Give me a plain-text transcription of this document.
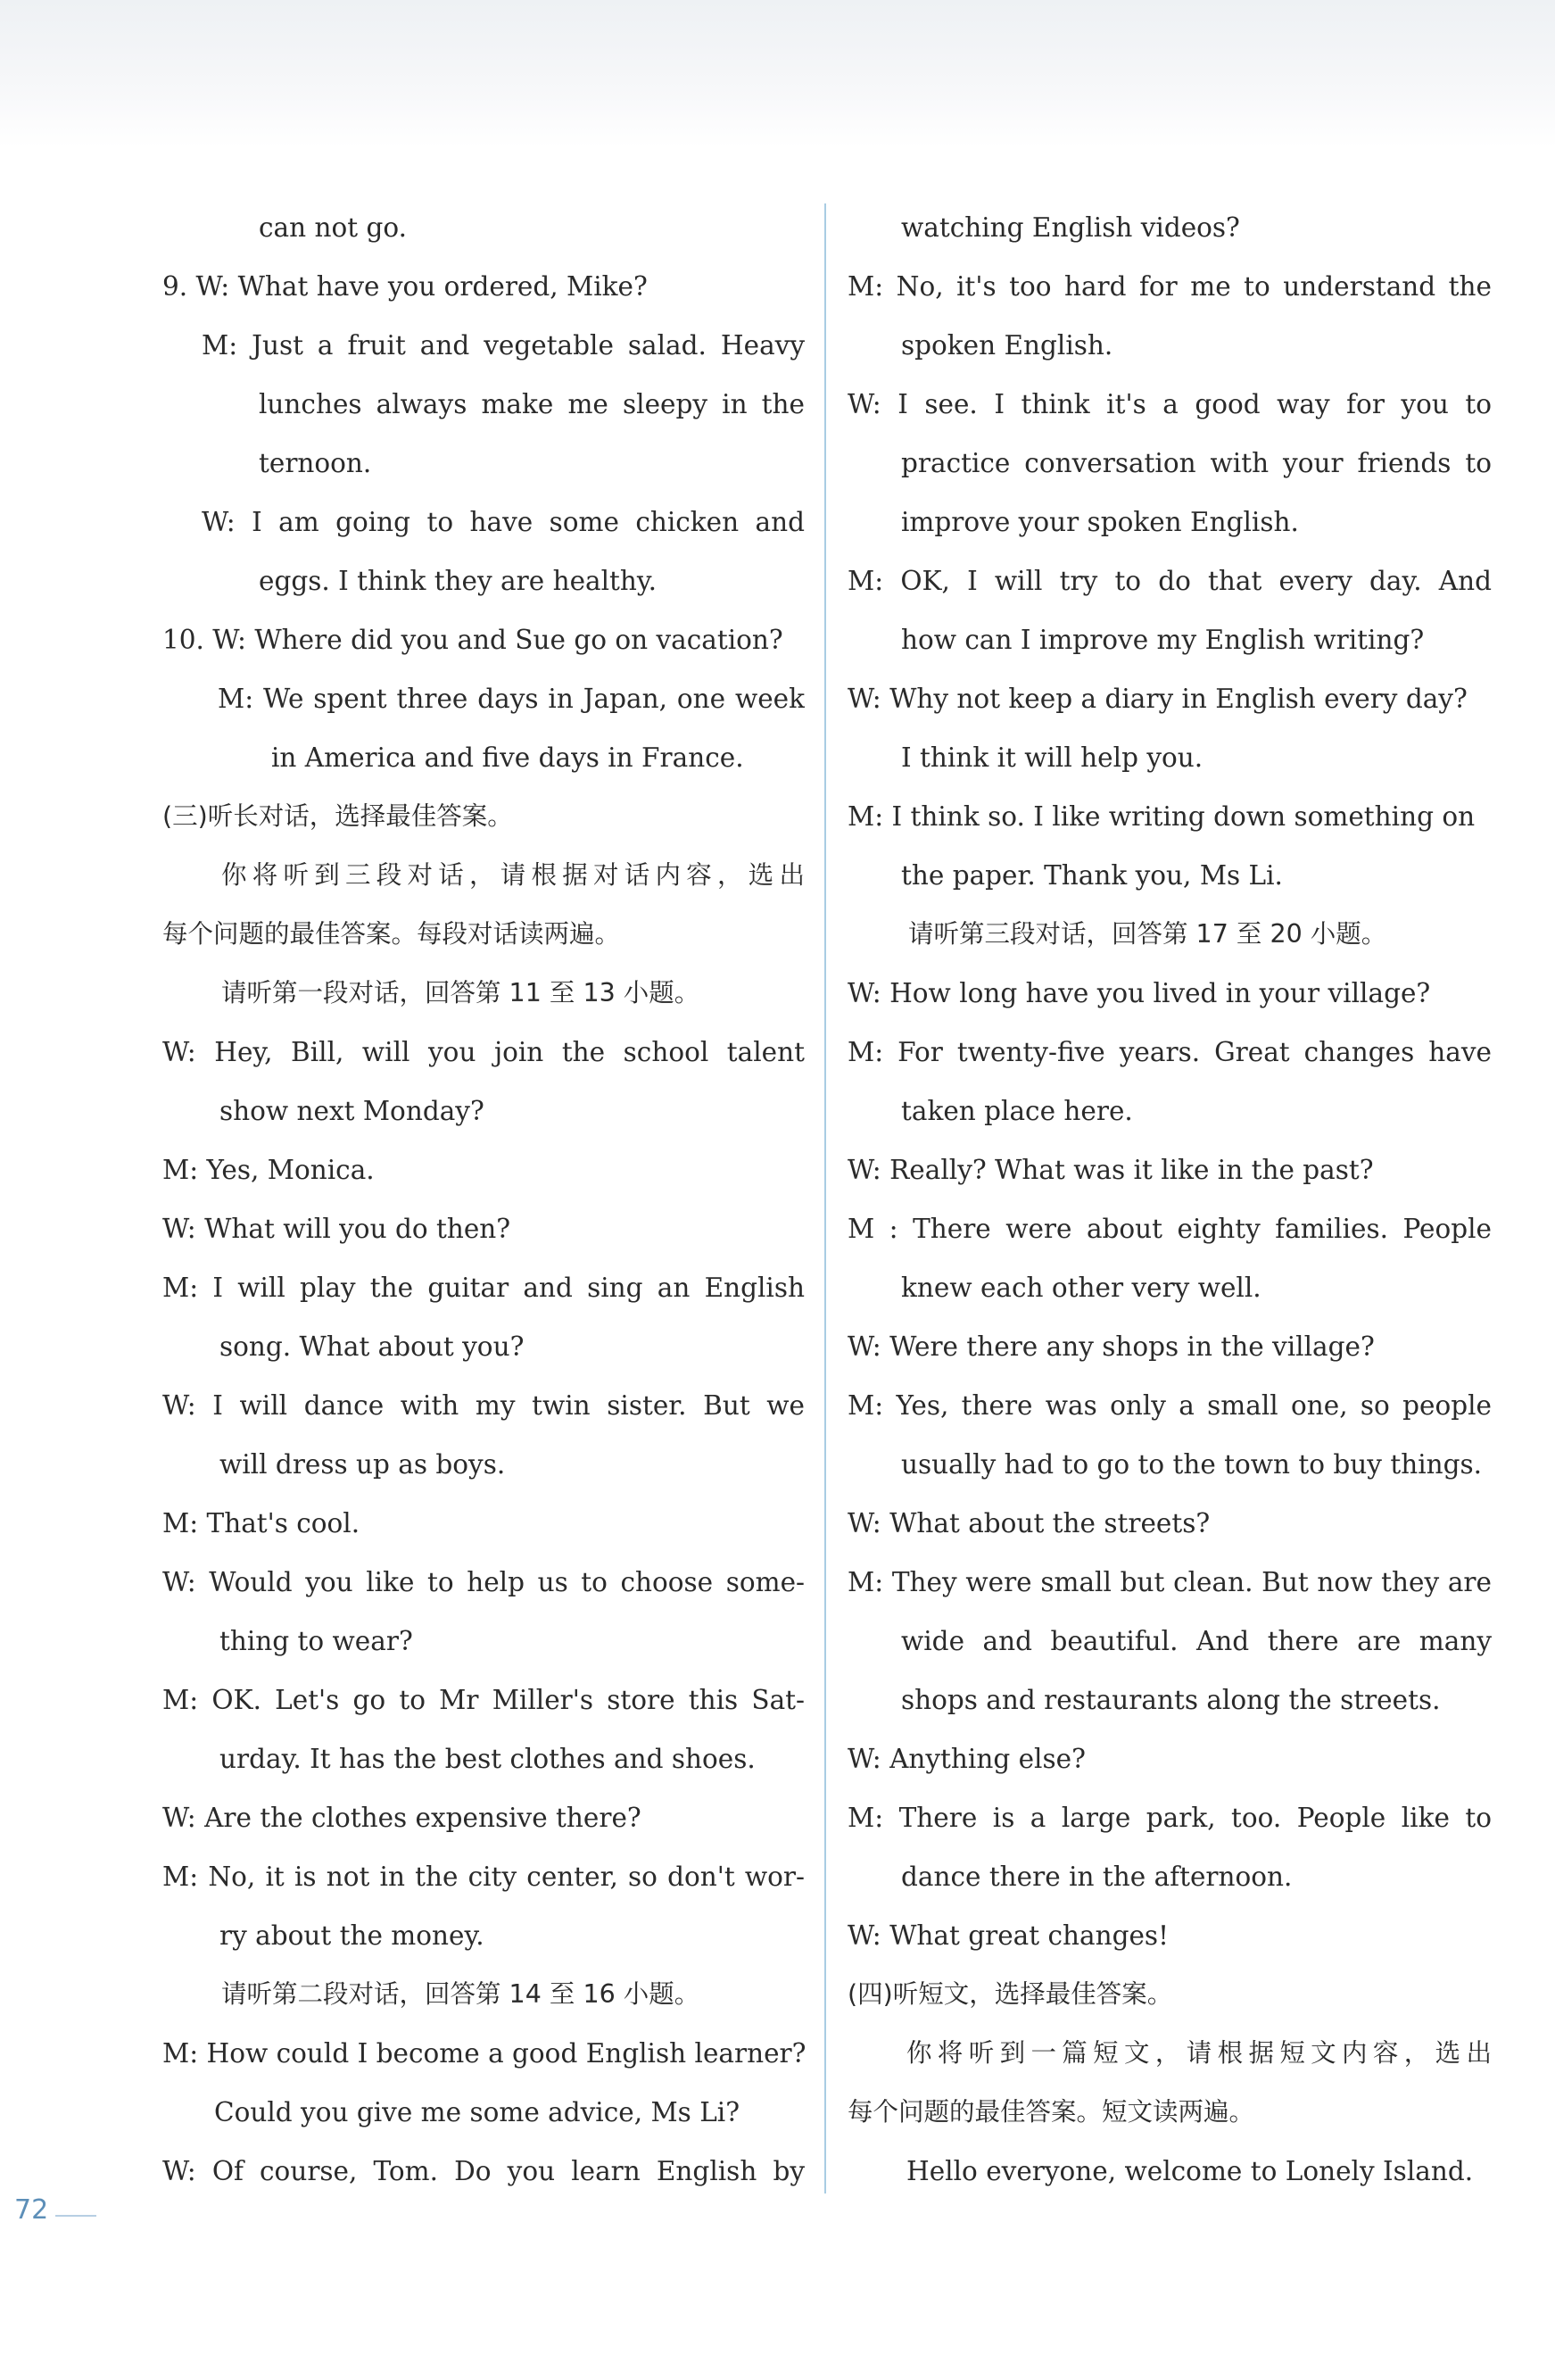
can not go.
9. W: What have you ordered, Mike?
M: Just a fruit and vegetable salad. Heavy
lunches always make me sleepy in the
ternoon.
W: I am going to have some chicken and
eggs. I think they are healthy.
10. W: Where did you and Sue go on vacation?
M: We spent three days in Japan, one week
in America and five days in France.
(三)听长对话，选择最佳答案。
你将听到三段对话，请根据对话内容，选出
每个问题的最佳答案。每段对话读两遍。
请听第一段对话，回答第 11 至 13 小题。
W: Hey, Bill, will you join the school talent
show next Monday?
M: Yes, Monica.
W: What will you do then?
M: I will play the guitar and sing an English
song. What about you?
W: I will dance with my twin sister. But we
will dress up as boys.
M: That's cool.
W: Would you like to help us to choose some-
thing to wear?
M: OK. Let's go to Mr Miller's store this Sat-
urday. It has the best clothes and shoes.
W: Are the clothes expensive there?
M: No, it is not in the city center, so don't wor-
ry about the money.
请听第二段对话，回答第 14 至 16 小题。
M: How could I become a good English learner?
Could you give me some advice, Ms Li?
W: Of course, Tom. Do you learn English by
watching English videos?
M: No, it's too hard for me to understand the
spoken English.
W: I see. I think it's a good way for you to
practice conversation with your friends to
improve your spoken English.
M: OK, I will try to do that every day. And
how can I improve my English writing?
W: Why not keep a diary in English every day?
I think it will help you.
M: I think so. I like writing down something on
the paper. Thank you, Ms Li.
请听第三段对话，回答第 17 至 20 小题。
W: How long have you lived in your village?
M: For twenty-five years. Great changes have
taken place here.
W: Really? What was it like in the past?
M : There were about eighty families. People
knew each other very well.
W: Were there any shops in the village?
M: Yes, there was only a small one, so people
usually had to go to the town to buy things.
W: What about the streets?
M: They were small but clean. But now they are
wide and beautiful. And there are many
shops and restaurants along the streets.
W: Anything else?
M: There is a large park, too. People like to
dance there in the afternoon.
W: What great changes!
(四)听短文，选择最佳答案。
你将听到一篇短文，请根据短文内容，选出
每个问题的最佳答案。短文读两遍。
Hello everyone, welcome to Lonely Island.
72
